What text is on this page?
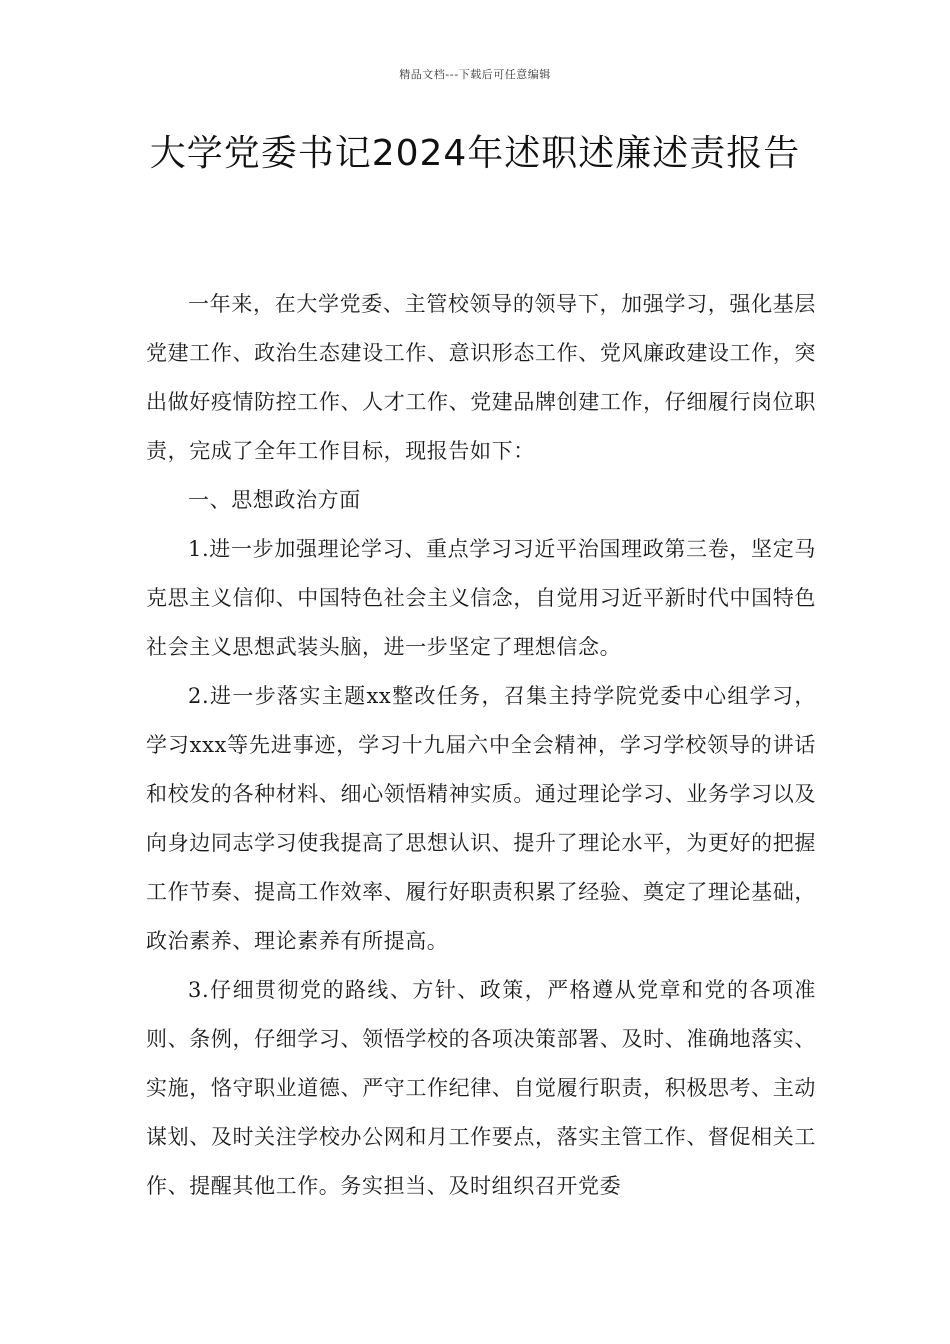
精品文档---下载后可任意编辑
大学党委书记2024年述职述廉述责报告

一年来，在大学党委、主管校领导的领导下，加强学习，强化基层党建工作、政治生态建设工作、意识形态工作、党风廉政建设工作，突出做好疫情防控工作、人才工作、党建品牌创建工作，仔细履行岗位职责，完成了全年工作目标，现报告如下：

一、思想政治方面

1.进一步加强理论学习、重点学习习近平治国理政第三卷，坚定马克思主义信仰、中国特色社会主义信念，自觉用习近平新时代中国特色社会主义思想武装头脑，进一步坚定了理想信念。

2.进一步落实主题xx整改任务，召集主持学院党委中心组学习，学习xxx等先进事迹，学习十九届六中全会精神，学习学校领导的讲话和校发的各种材料、细心领悟精神实质。通过理论学习、业务学习以及向身边同志学习使我提高了思想认识、提升了理论水平，为更好的把握工作节奏、提高工作效率、履行好职责积累了经验、奠定了理论基础，政治素养、理论素养有所提高。

3.仔细贯彻党的路线、方针、政策，严格遵从党章和党的各项准则、条例，仔细学习、领悟学校的各项决策部署、及时、准确地落实、实施，恪守职业道德、严守工作纪律、自觉履行职责，积极思考、主动谋划、及时关注学校办公网和月工作要点，落实主管工作、督促相关工作、提醒其他工作。务实担当、及时组织召开党委
